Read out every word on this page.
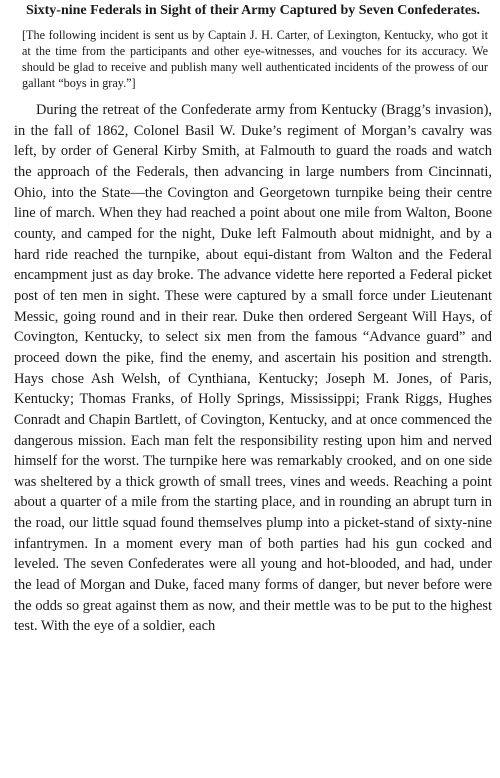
Sixty-nine Federals in Sight of their Army Captured by Seven Confederates.

[The following incident is sent us by Captain J. H. Carter, of Lexington, Kentucky, who got it at the time from the participants and other eye-witnesses, and vouches for its accuracy. We should be glad to receive and publish many well authenticated incidents of the prowess of our gallant “boys in gray.”]

During the retreat of the Confederate army from Kentucky (Bragg’s invasion), in the fall of 1862, Colonel Basil W. Duke’s regiment of Morgan’s cavalry was left, by order of General Kirby Smith, at Falmouth to guard the roads and watch the approach of the Federals, then advancing in large numbers from Cincinnati, Ohio, into the State—the Covington and Georgetown turnpike being their centre line of march. When they had reached a point about one mile from Walton, Boone county, and camped for the night, Duke left Falmouth about midnight, and by a hard ride reached the turnpike, about equi-distant from Walton and the Federal encampment just as day broke. The advance vidette here reported a Federal picket post of ten men in sight. These were captured by a small force under Lieutenant Messic, going round and in their rear. Duke then ordered Sergeant Will Hays, of Covington, Kentucky, to select six men from the famous “Advance guard” and proceed down the pike, find the enemy, and ascertain his position and strength. Hays chose Ash Welsh, of Cynthiana, Kentucky; Joseph M. Jones, of Paris, Kentucky; Thomas Franks, of Holly Springs, Mississippi; Frank Riggs, Hughes Conradt and Chapin Bartlett, of Covington, Kentucky, and at once commenced the dangerous mission. Each man felt the responsibility resting upon him and nerved himself for the worst. The turnpike here was remarkably crooked, and on one side was sheltered by a thick growth of small trees, vines and weeds. Reaching a point about a quarter of a mile from the starting place, and in rounding an abrupt turn in the road, our little squad found themselves plump into a picket-stand of sixty-nine infantrymen. In a moment every man of both parties had his gun cocked and leveled. The seven Confederates were all young and hot-blooded, and had, under the lead of Morgan and Duke, faced many forms of danger, but never before were the odds so great against them as now, and their mettle was to be put to the highest test. With the eye of a soldier, each
